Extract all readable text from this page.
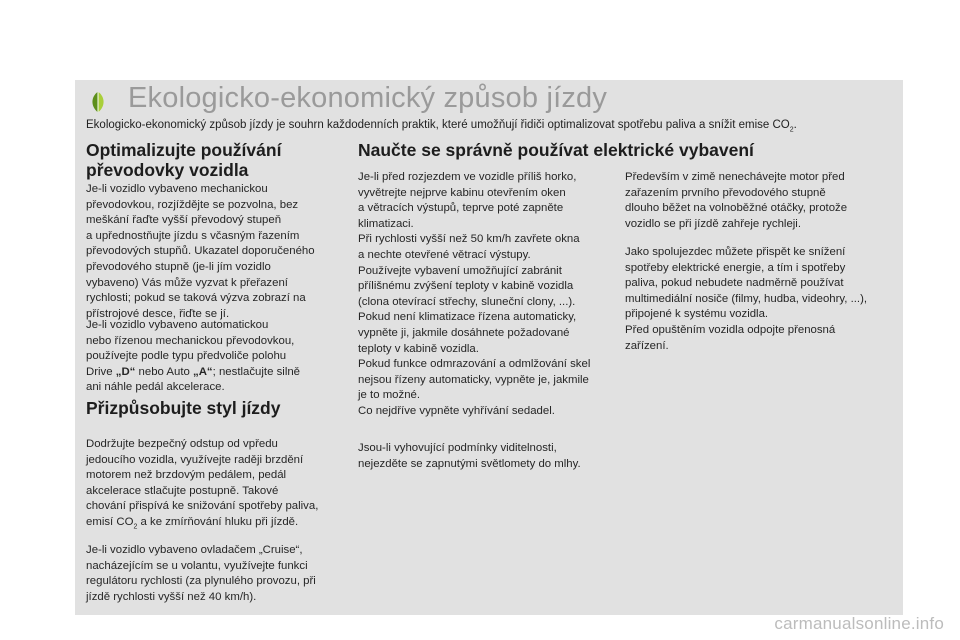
Ekologicko-ekonomický způsob jízdy
Ekologicko-ekonomický způsob jízdy je souhrn každodenních praktik, které umožňují řidiči optimalizovat spotřebu paliva a snížit emise $CO_2$.
Optimalizujte používání převodovky vozidla

Je-li vozidlo vybaveno mechanickou
převodovkou, rozjíždějte se pozvolna, bez
meškání řaďte vyšší převodový stupeň
a upřednostňujte jízdu s včasným řazením
převodových stupňů. Ukazatel doporučeného
převodového stupně (je-li jím vozidlo
vybaveno) Vás může vyzvat k přeřazení
rychlosti; pokud se taková výzva zobrazí na
přístrojové desce, řiďte se jí.

Je-li vozidlo vybaveno automatickou
nebo řízenou mechanickou převodovkou,
používejte podle typu předvoliče polohu
Drive „D“ nebo Auto „A“; nestlačujte silně
ani náhle pedál akcelerace.

Přizpůsobujte styl jízdy

Dodržujte bezpečný odstup od vpředu
jedoucího vozidla, využívejte raději brzdění
motorem než brzdovým pedálem, pedál
akcelerace stlačujte postupně. Takové
chování přispívá ke snižování spotřeby paliva,
emisí $CO_2$ a ke zmírňování hluku při jízdě.

Je-li vozidlo vybaveno ovladačem „Cruise“,
nacházejícím se u volantu, využívejte funkci
regulátoru rychlosti (za plynulého provozu, při
jízdě rychlosti vyšší než 40 km/h).

Naučte se správně používat elektrické vybavení

Je-li před rozjezdem ve vozidle příliš horko,
vyvětrejte nejprve kabinu otevřením oken
a větracích výstupů, teprve poté zapněte
klimatizaci.
Při rychlosti vyšší než 50 km/h zavřete okna
a nechte otevřené větrací výstupy.
Používejte vybavení umožňující zabránit
přílišnému zvýšení teploty v kabině vozidla
(clona otevírací střechy, sluneční clony, ...).
Pokud není klimatizace řízena automaticky,
vypněte ji, jakmile dosáhnete požadované
teploty v kabině vozidla.
Pokud funkce odmrazování a odmlžování skel
nejsou řízeny automaticky, vypněte je, jakmile
je to možné.
Co nejdříve vypněte vyhřívání sedadel.

Jsou-li vyhovující podmínky viditelnosti,
nejezděte se zapnutými světlomety do mlhy.

Především v zimě nenechávejte motor před
zařazením prvního převodového stupně
dlouho běžet na volnoběžné otáčky, protože
vozidlo se při jízdě zahřeje rychleji.

Jako spolujezdec můžete přispět ke snížení
spotřeby elektrické energie, a tím i spotřeby
paliva, pokud nebudete nadměrně používat
multimediální nosiče (filmy, hudba, videohry, ...),
připojené k systému vozidla.
Před opuštěním vozidla odpojte přenosná
zařízení.

carmanualsonline.info
